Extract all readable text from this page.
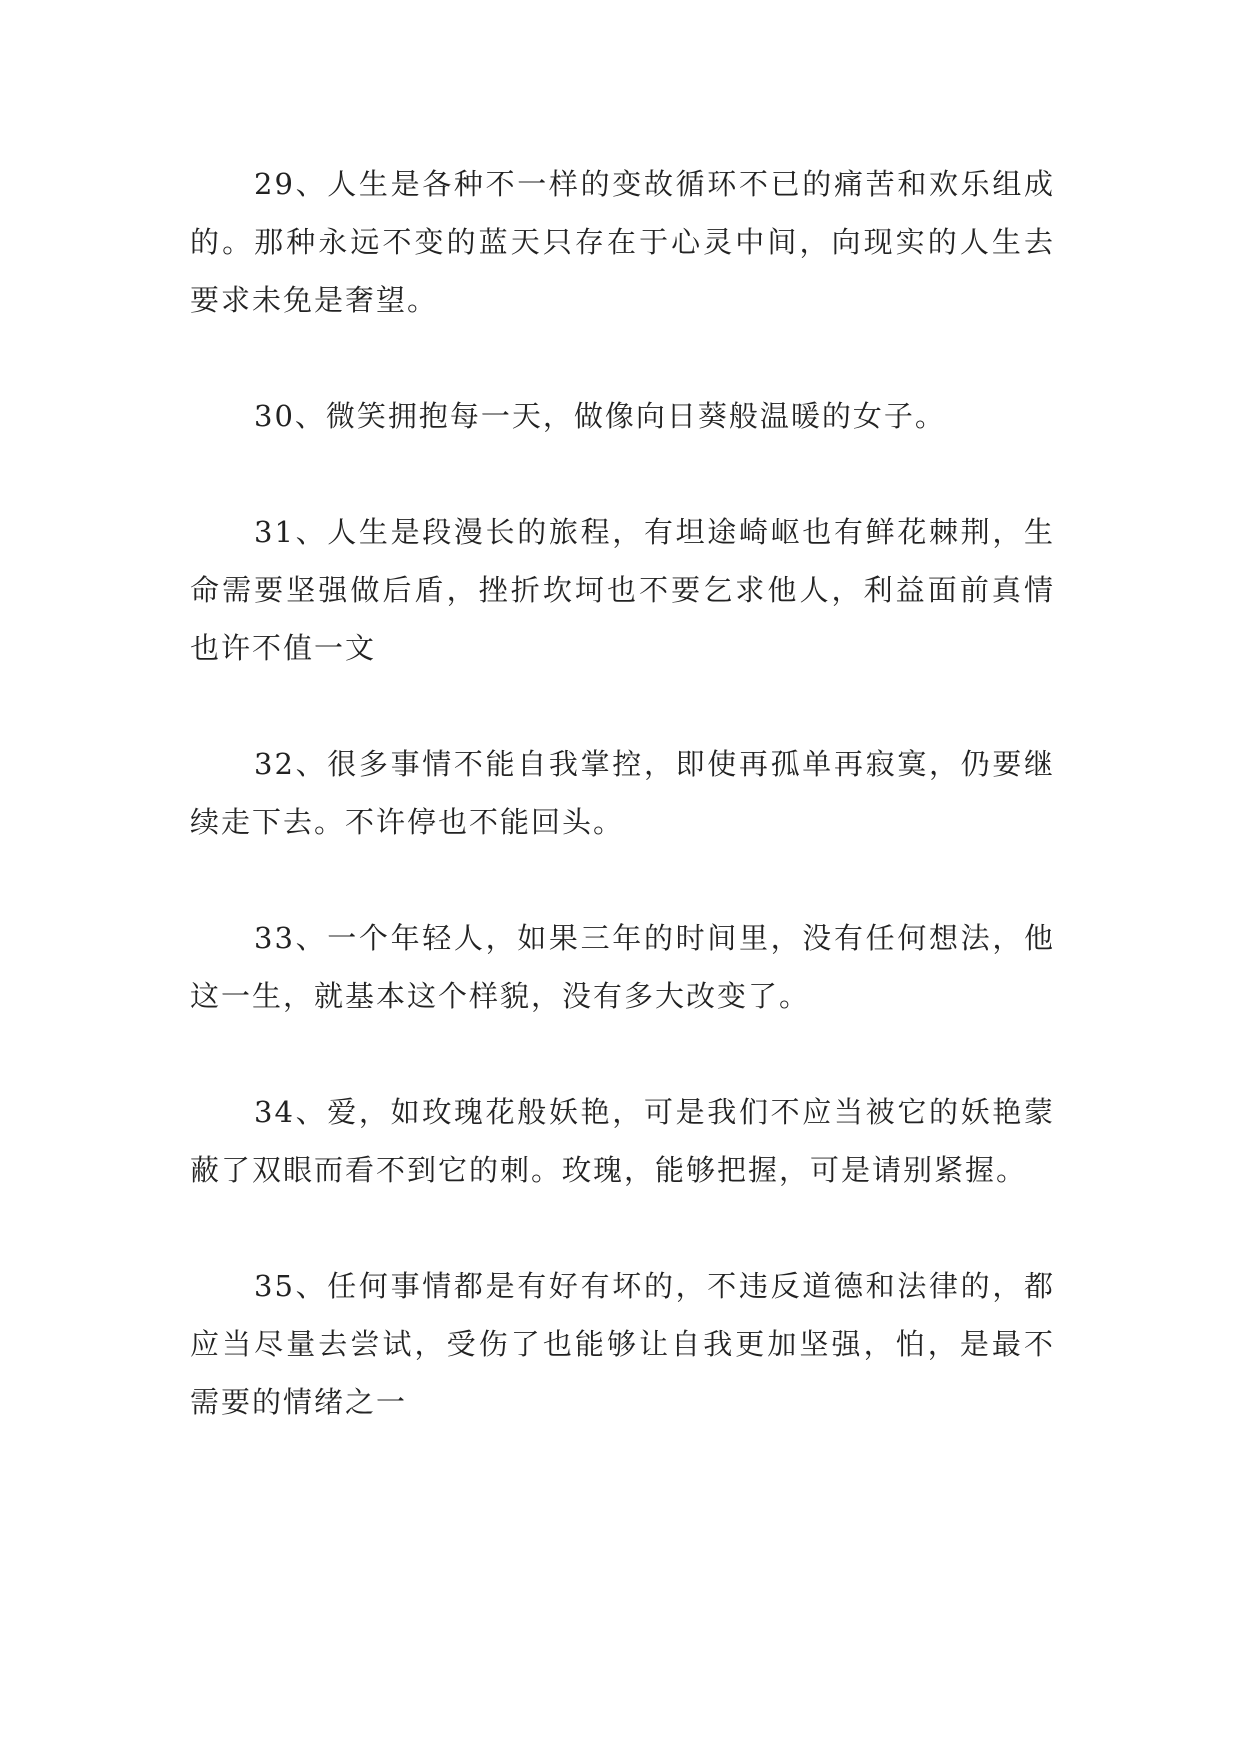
29、人生是各种不一样的变故循环不已的痛苦和欢乐组成的。那种永远不变的蓝天只存在于心灵中间，向现实的人生去要求未免是奢望。

30、微笑拥抱每一天，做像向日葵般温暖的女子。

31、人生是段漫长的旅程，有坦途崎岖也有鲜花棘荆，生命需要坚强做后盾，挫折坎坷也不要乞求他人，利益面前真情也许不值一文

32、很多事情不能自我掌控，即使再孤单再寂寞，仍要继续走下去。不许停也不能回头。

33、一个年轻人，如果三年的时间里，没有任何想法，他这一生，就基本这个样貌，没有多大改变了。

34、爱，如玫瑰花般妖艳，可是我们不应当被它的妖艳蒙蔽了双眼而看不到它的刺。玫瑰，能够把握，可是请别紧握。

35、任何事情都是有好有坏的，不违反道德和法律的，都应当尽量去尝试，受伤了也能够让自我更加坚强，怕，是最不需要的情绪之一
